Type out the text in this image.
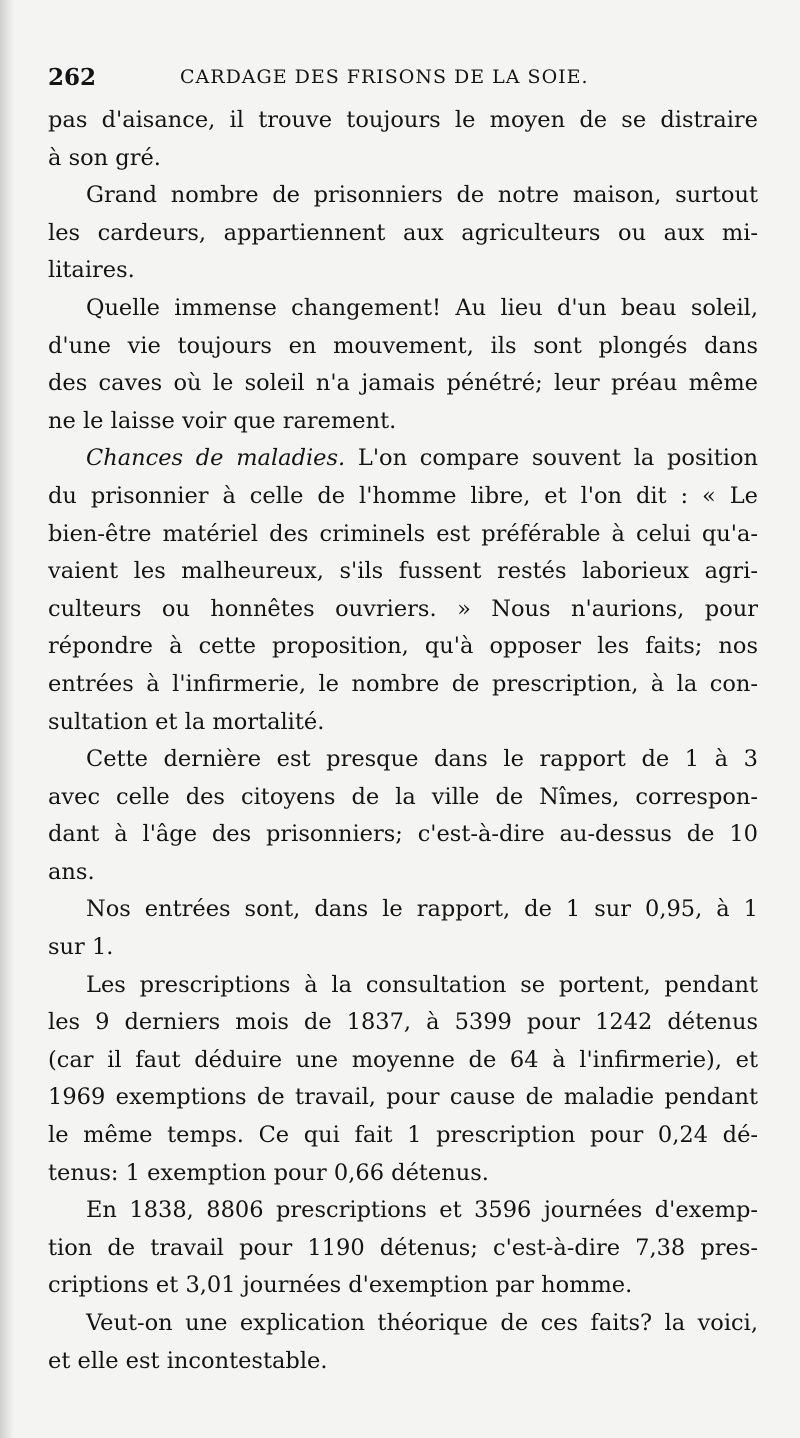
262	CARDAGE DES FRISONS DE LA SOIE.
pas d'aisance, il trouve toujours le moyen de se distraire
à son gré.
Grand nombre de prisonniers de notre maison, surtout
les cardeurs, appartiennent aux agriculteurs ou aux mi-
litaires.
Quelle immense changement! Au lieu d'un beau soleil,
d'une vie toujours en mouvement, ils sont plongés dans
des caves où le soleil n'a jamais pénétré; leur préau même
ne le laisse voir que rarement.
Chances de maladies. L'on compare souvent la position
du prisonnier à celle de l'homme libre, et l'on dit : « Le
bien-être matériel des criminels est préférable à celui qu'a-
vaient les malheureux, s'ils fussent restés laborieux agri-
culteurs ou honnêtes ouvriers. » Nous n'aurions, pour
répondre à cette proposition, qu'à opposer les faits; nos
entrées à l'infirmerie, le nombre de prescription, à la con-
sultation et la mortalité.
Cette dernière est presque dans le rapport de 1 à 3
avec celle des citoyens de la ville de Nîmes, correspon-
dant à l'âge des prisonniers; c'est-à-dire au-dessus de 10
ans.
Nos entrées sont, dans le rapport, de 1 sur 0,95, à 1
sur 1.
Les prescriptions à la consultation se portent, pendant
les 9 derniers mois de 1837, à 5399 pour 1242 détenus
(car il faut déduire une moyenne de 64 à l'infirmerie), et
1969 exemptions de travail, pour cause de maladie pendant
le même temps. Ce qui fait 1 prescription pour 0,24 dé-
tenus: 1 exemption pour 0,66 détenus.
En 1838, 8806 prescriptions et 3596 journées d'exemp-
tion de travail pour 1190 détenus; c'est-à-dire 7,38 pres-
criptions et 3,01 journées d'exemption par homme.
Veut-on une explication théorique de ces faits? la voici,
et elle est incontestable.
